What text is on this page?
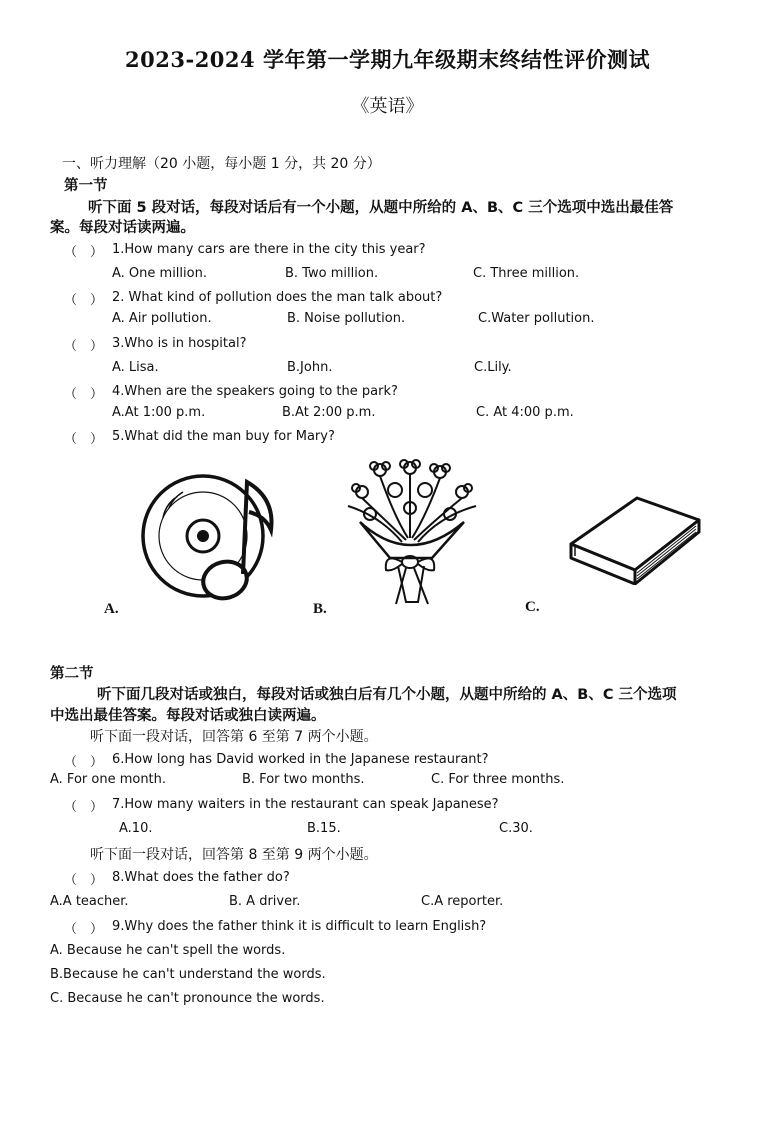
2023-2024 学年第一学期九年级期末终结性评价测试
《英语》
一、听力理解（20 小题，每小题 1 分，共 20 分）
第一节
听下面 5 段对话，每段对话后有一个小题，从题中所给的 A、B、C 三个选项中选出最佳答
案。每段对话读两遍。
（　） 1.How many cars are there in the city this year?
A. One million.	B. Two million.	C. Three million.
（　） 2. What kind of pollution does the man talk about?
A. Air pollution.	B. Noise pollution.	C.Water pollution.
（　） 3.Who is in hospital?
A. Lisa.	B.John.	C.Lily.
（　） 4.When are the speakers going to the park?
A.At 1:00 p.m.	B.At 2:00 p.m.	C. At 4:00 p.m.
（　） 5.What did the man buy for Mary?
A.	B.	C.
第二节
听下面几段对话或独白，每段对话或独白后有几个小题，从题中所给的 A、B、C 三个选项
中选出最佳答案。每段对话或独白读两遍。
听下面一段对话，回答第 6 至第 7 两个小题。
（　） 6.How long has David worked in the Japanese restaurant?
A. For one month.	B. For two months.	C. For three months.
（　） 7.How many waiters in the restaurant can speak Japanese?
A.10.	B.15.	C.30.
听下面一段对话，回答第 8 至第 9 两个小题。
（　） 8.What does the father do?
A.A teacher.	B. A driver.	C.A reporter.
（　） 9.Why does the father think it is difficult to learn English?
A. Because he can't spell the words.
B.Because he can't understand the words.
C. Because he can't pronounce the words.
